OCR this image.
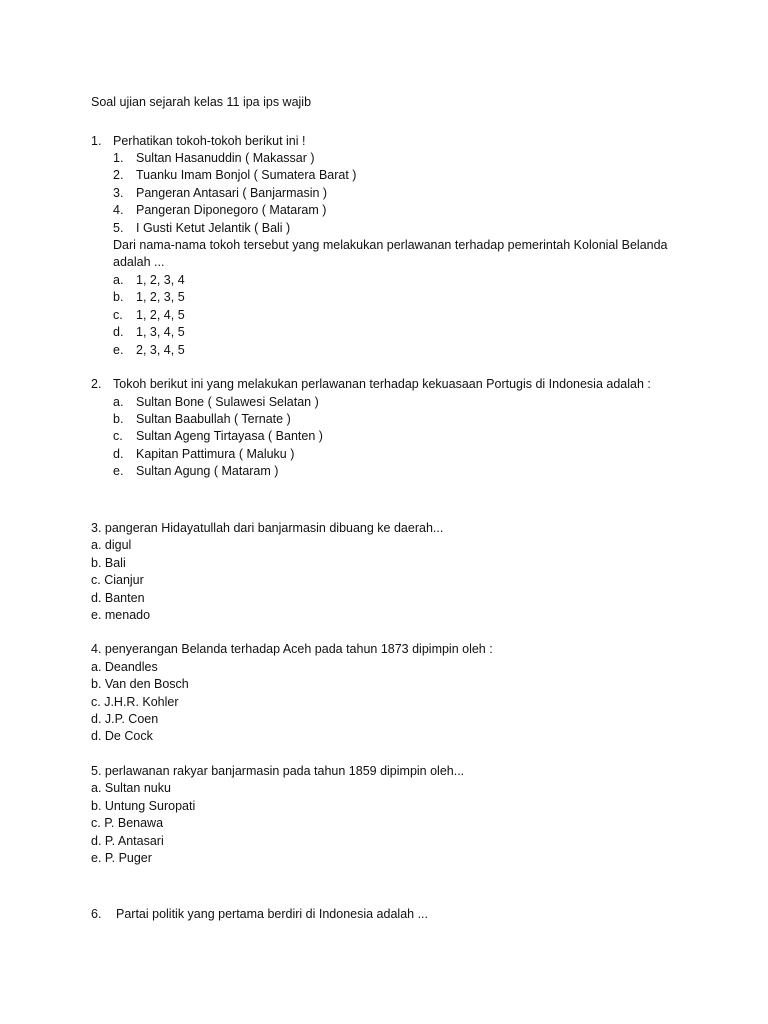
Soal ujian sejarah kelas 11 ipa ips wajib
1. Perhatikan tokoh-tokoh berikut ini !
1. Sultan Hasanuddin ( Makassar )
2. Tuanku Imam Bonjol ( Sumatera Barat )
3. Pangeran Antasari ( Banjarmasin )
4. Pangeran Diponegoro ( Mataram )
5. I Gusti Ketut Jelantik ( Bali )
Dari nama-nama tokoh tersebut yang melakukan perlawanan terhadap pemerintah Kolonial Belanda
adalah ...
a. 1, 2, 3, 4
b. 1, 2, 3, 5
c. 1, 2, 4, 5
d. 1, 3, 4, 5
e. 2, 3, 4, 5
2. Tokoh berikut ini yang melakukan perlawanan terhadap kekuasaan Portugis di Indonesia adalah :
a. Sultan Bone ( Sulawesi Selatan )
b. Sultan Baabullah ( Ternate )
c. Sultan Ageng Tirtayasa ( Banten )
d. Kapitan Pattimura ( Maluku )
e. Sultan Agung ( Mataram )
3. pangeran Hidayatullah dari banjarmasin dibuang ke daerah...
a. digul
b. Bali
c. Cianjur
d. Banten
e. menado
4. penyerangan Belanda terhadap Aceh pada tahun 1873 dipimpin oleh :
a. Deandles
b. Van den Bosch
c. J.H.R. Kohler
d. J.P. Coen
d. De Cock
5. perlawanan rakyar banjarmasin pada tahun 1859 dipimpin oleh...
a. Sultan nuku
b. Untung Suropati
c. P. Benawa
d. P. Antasari
e. P. Puger
6. Partai politik yang pertama berdiri di Indonesia adalah ...
